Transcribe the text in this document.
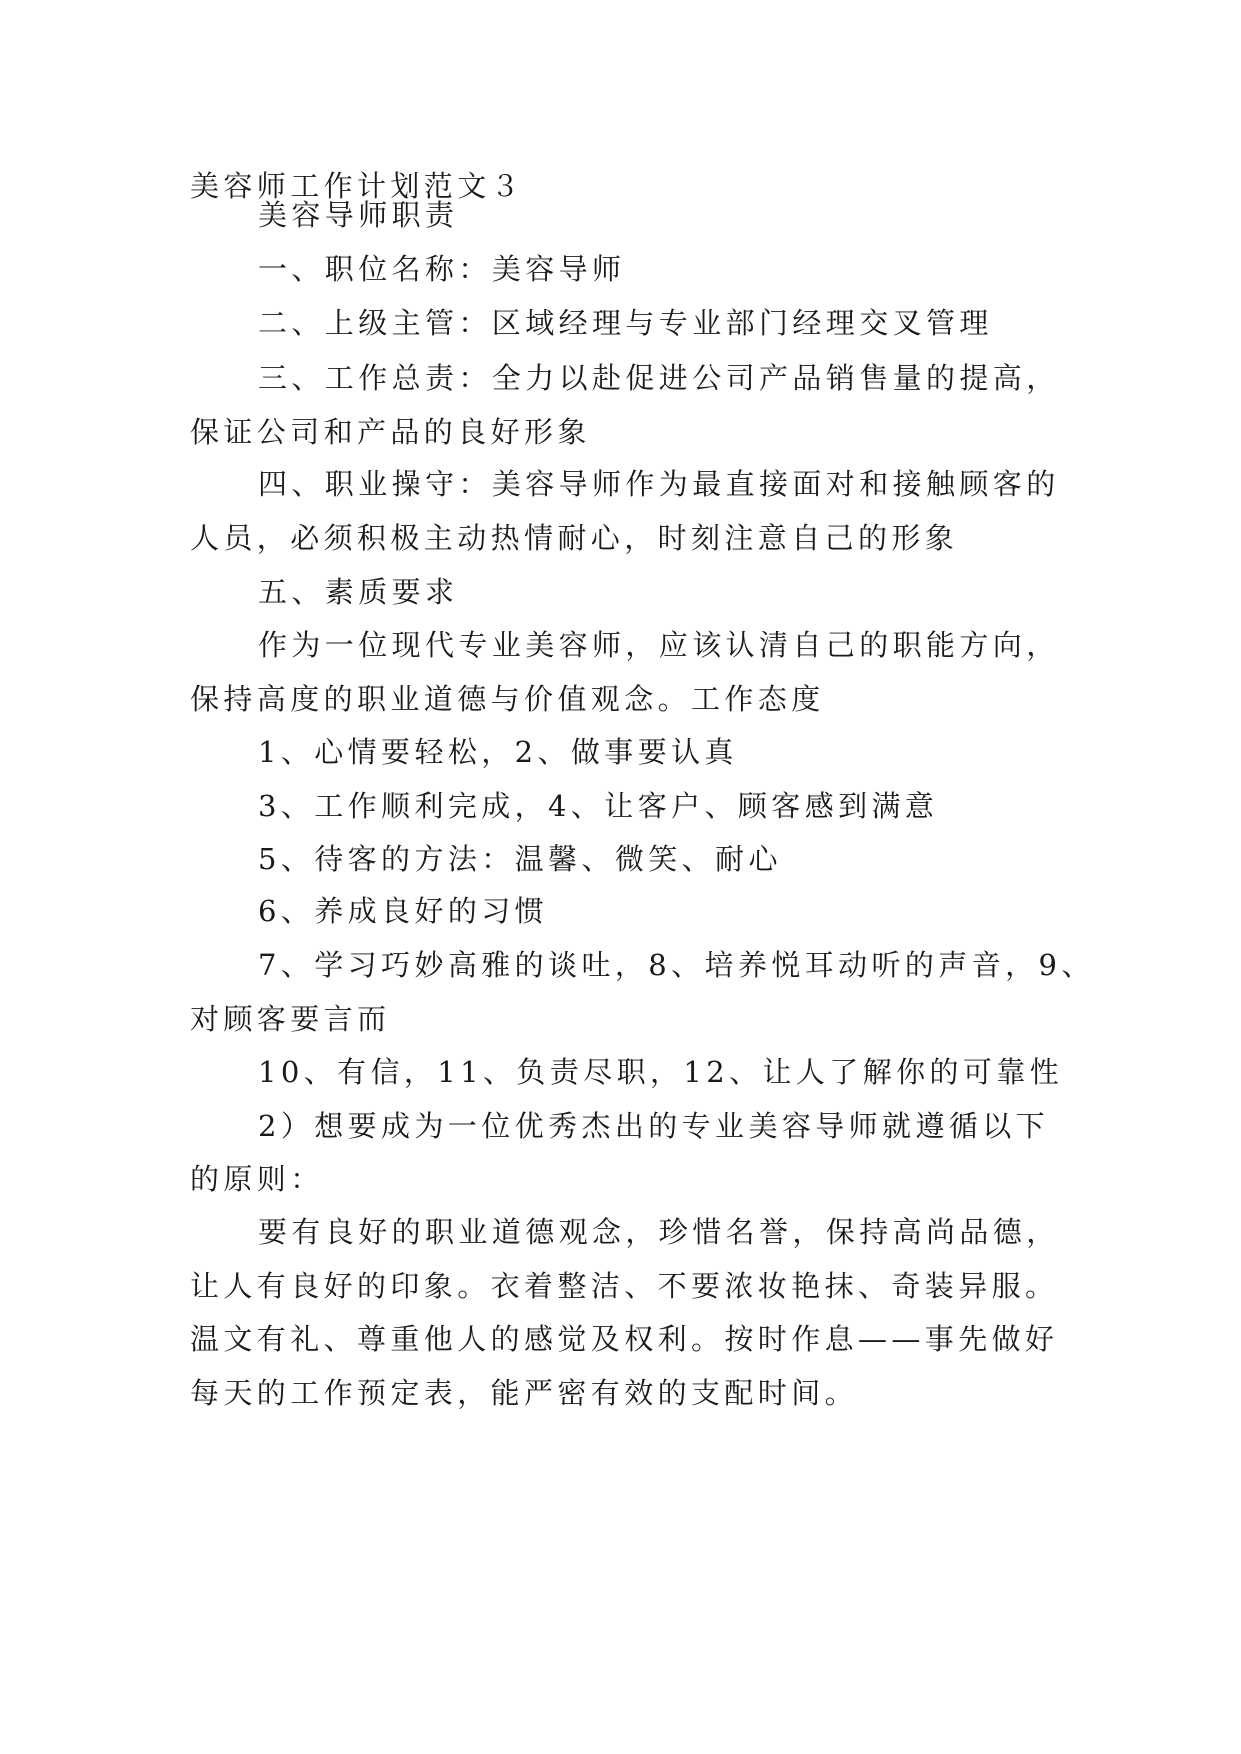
美容师工作计划范文３

美容导师职责

一、职位名称：美容导师

二、上级主管：区域经理与专业部门经理交叉管理

三、工作总责：全力以赴促进公司产品销售量的提高，

保证公司和产品的良好形象

四、职业操守：美容导师作为最直接面对和接触顾客的

人员，必须积极主动热情耐心，时刻注意自己的形象

五、素质要求

作为一位现代专业美容师，应该认清自己的职能方向，

保持高度的职业道德与价值观念。工作态度

1、心情要轻松，2、做事要认真

3、工作顺利完成，4、让客户、顾客感到满意

5、待客的方法：温馨、微笑、耐心

6、养成良好的习惯

7、学习巧妙高雅的谈吐，8、培养悦耳动听的声音，9、

对顾客要言而

10、有信，11、负责尽职，12、让人了解你的可靠性

2）想要成为一位优秀杰出的专业美容导师就遵循以下

的原则：

要有良好的职业道德观念，珍惜名誉，保持高尚品德，

让人有良好的印象。衣着整洁、不要浓妆艳抹、奇装异服。

温文有礼、尊重他人的感觉及权利。按时作息——事先做好

每天的工作预定表，能严密有效的支配时间。
